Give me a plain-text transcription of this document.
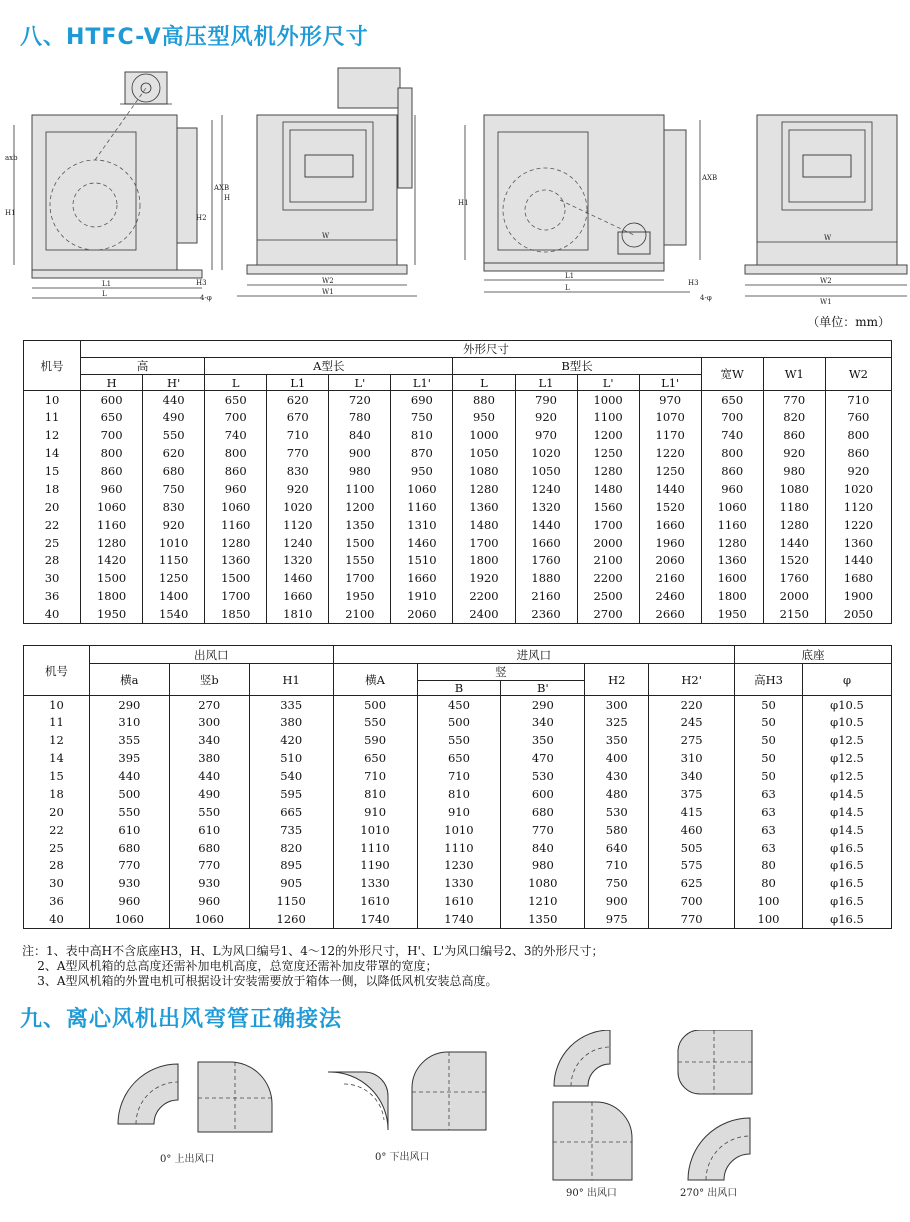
八、HTFC-V高压型风机外形尺寸
L1
L
H1
axb
AXB
H2
H3
H
W
W2
W1
4-φ
L1
L
H1
AXB
H3
W
W2
W1
4-φ
（单位：mm）
机号	外形尺寸												
	高		A型长				B型长				宽W	W1	W2
	H	H'	L	L1	L'	L1'	L	L1	L'	L1'			
10	600	440	650	620	720	690	880	790	1000	970	650	770	710
11	650	490	700	670	780	750	950	920	1100	1070	700	820	760
12	700	550	740	710	840	810	1000	970	1200	1170	740	860	800
14	800	620	800	770	900	870	1050	1020	1250	1220	800	920	860
15	860	680	860	830	980	950	1080	1050	1280	1250	860	980	920
18	960	750	960	920	1100	1060	1280	1240	1480	1440	960	1080	1020
20	1060	830	1060	1020	1200	1160	1360	1320	1560	1520	1060	1180	1120
22	1160	920	1160	1120	1350	1310	1480	1440	1700	1660	1160	1280	1220
25	1280	1010	1280	1240	1500	1460	1700	1660	2000	1960	1280	1440	1360
28	1420	1150	1360	1320	1550	1510	1800	1760	2100	2060	1360	1520	1440
30	1500	1250	1500	1460	1700	1660	1920	1880	2200	2160	1600	1760	1680
36	1800	1400	1700	1660	1950	1910	2200	2160	2500	2460	1800	2000	1900
40	1950	1540	1850	1810	2100	2060	2400	2360	2700	2660	1950	2150	2050
机号	出风口			进风口					底座	
	横a	竖b	H1	横A	竖		H2	H2'	高H3	φ
					B	B'				
10	290	270	335	500	450	290	300	220	50	φ10.5
11	310	300	380	550	500	340	325	245	50	φ10.5
12	355	340	420	590	550	350	350	275	50	φ12.5
14	395	380	510	650	650	470	400	310	50	φ12.5
15	440	440	540	710	710	530	430	340	50	φ12.5
18	500	490	595	810	810	600	480	375	63	φ14.5
20	550	550	665	910	910	680	530	415	63	φ14.5
22	610	610	735	1010	1010	770	580	460	63	φ14.5
25	680	680	820	1110	1110	840	640	505	63	φ16.5
28	770	770	895	1190	1230	980	710	575	80	φ16.5
30	930	930	905	1330	1330	1080	750	625	80	φ16.5
36	960	960	1150	1610	1610	1210	900	700	100	φ16.5
40	1060	1060	1260	1740	1740	1350	975	770	100	φ16.5
注：1、表中高H不含底座H3，H、L为风口编号1、4～12的外形尺寸，H'、L'为风口编号2、3的外形尺寸；
2、A型风机箱的总高度还需补加电机高度，总宽度还需补加皮带罩的宽度；
3、A型风机箱的外置电机可根据设计安装需要放于箱体一侧，以降低风机安装总高度。
九、离心风机出风弯管正确接法
0° 上出风口	0° 下出风口
90° 出风口	270° 出风口
